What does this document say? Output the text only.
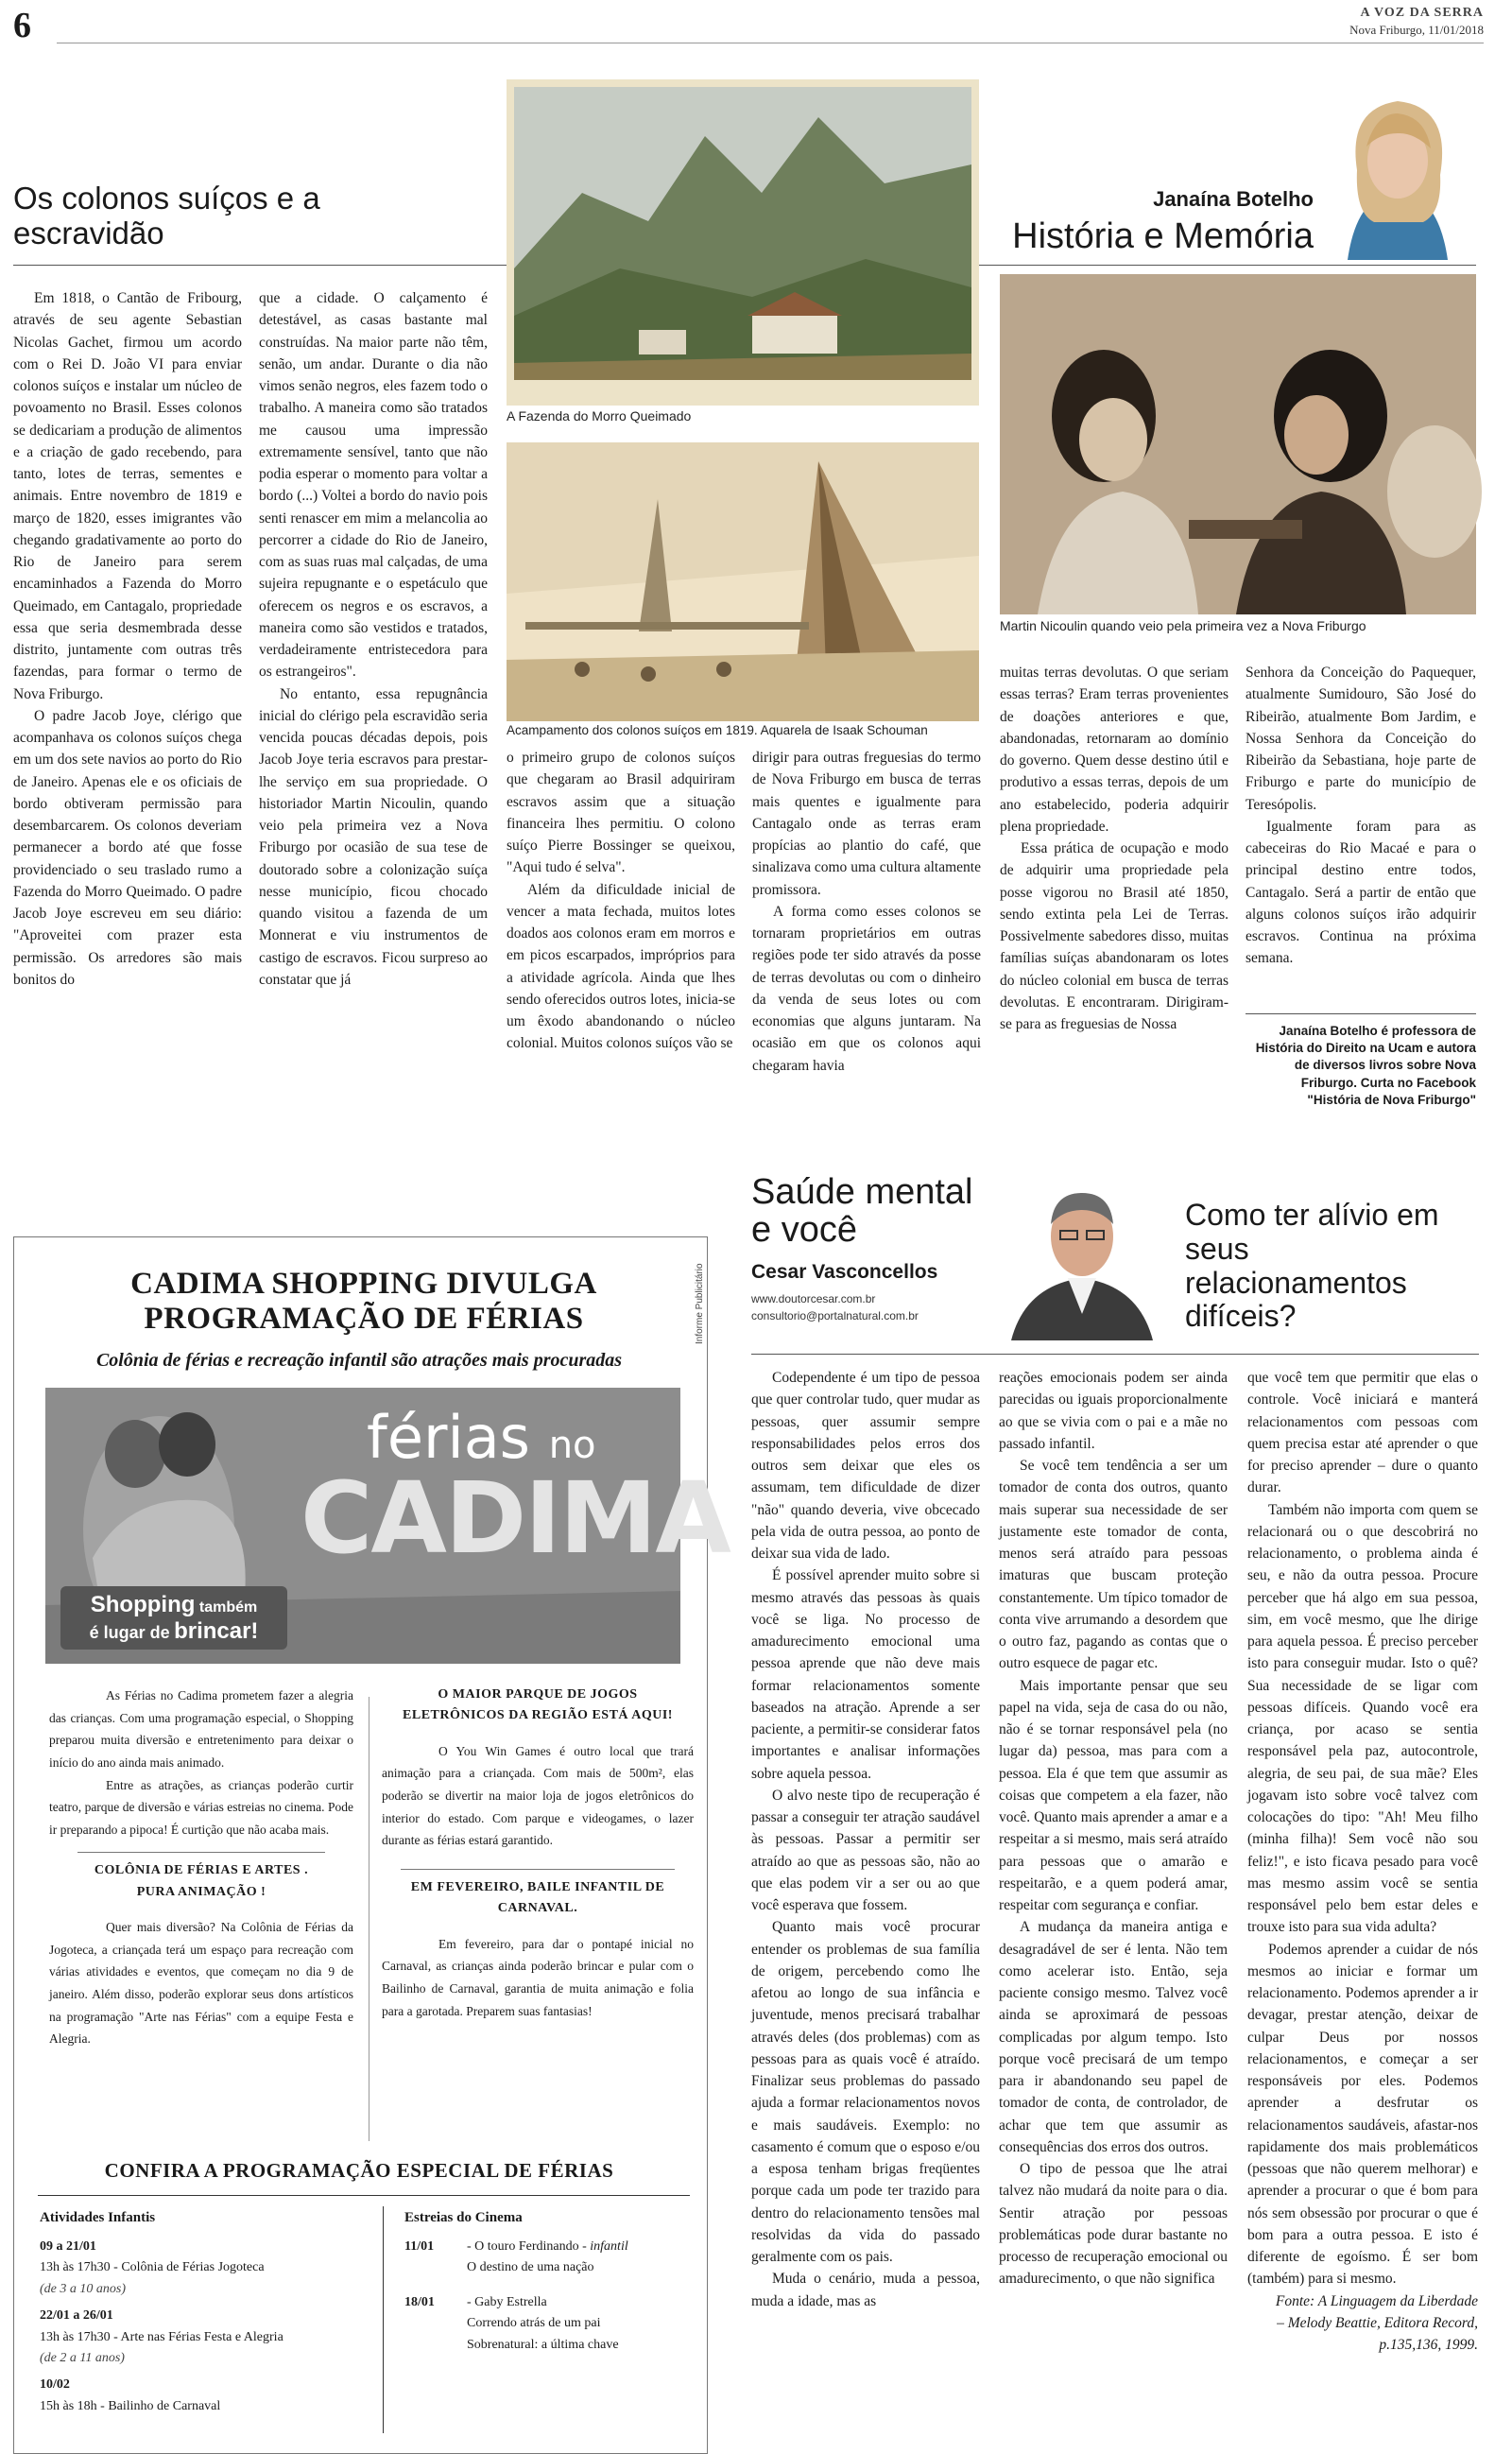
6	A VOZ DA SERRA
Nova Friburgo, 11/01/2018
Os colonos suíços e a escravidão
Janaína Botelho
História e Memória
A Fazenda do Morro Queimado
Acampamento dos colonos suíços em 1819. Aquarela de Isaak Schouman
Martin Nicoulin quando veio pela primeira vez a Nova Friburgo

Em 1818, o Cantão de Fribourg, através de seu agente Sebastian Nicolas Gachet, firmou um acordo com o Rei D. João VI para enviar colonos suíços e instalar um núcleo de povoamento no Brasil. Esses colonos se dedicariam a produção de alimentos e a criação de gado recebendo, para tanto, lotes de terras, sementes e animais. Entre novembro de 1819 e março de 1820, esses imigrantes vão chegando gradativamente ao porto do Rio de Janeiro para serem encaminhados a Fazenda do Morro Queimado, em Cantagalo, propriedade essa que seria desmembrada desse distrito, juntamente com outras três fazendas, para formar o termo de Nova Friburgo.

O padre Jacob Joye, clérigo que acompanhava os colonos suíços chega em um dos sete navios ao porto do Rio de Janeiro. Apenas ele e os oficiais de bordo obtiveram permissão para desembarcarem. Os colonos deveriam permanecer a bordo até que fosse providenciado o seu traslado rumo a Fazenda do Morro Queimado. O padre Jacob Joye escreveu em seu diário: "Aproveitei com prazer esta permissão. Os arredores são mais bonitos do

que a cidade. O calçamento é detestável, as casas bastante mal construídas. Na maior parte não têm, senão, um andar. Durante o dia não vimos senão negros, eles fazem todo o trabalho. A maneira como são tratados me causou uma impressão extremamente sensível, tanto que não podia esperar o momento para voltar a bordo (...) Voltei a bordo do navio pois senti renascer em mim a melancolia ao percorrer a cidade do Rio de Janeiro, com as suas ruas mal calçadas, de uma sujeira repugnante e o espetáculo que oferecem os negros e os escravos, a maneira como são vestidos e tratados, verdadeiramente entristecedora para os estrangeiros".

No entanto, essa repugnância inicial do clérigo pela escravidão seria vencida poucas décadas depois, pois Jacob Joye teria escravos para prestar-lhe serviço em sua propriedade. O historiador Martin Nicoulin, quando veio pela primeira vez a Nova Friburgo por ocasião de sua tese de doutorado sobre a colonização suíça nesse município, ficou chocado quando visitou a fazenda de um Monnerat e viu instrumentos de castigo de escravos. Ficou surpreso ao constatar que já

o primeiro grupo de colonos suíços que chegaram ao Brasil adquiriram escravos assim que a situação financeira lhes permitiu. O colono suíço Pierre Bossinger se queixou, "Aqui tudo é selva".

Além da dificuldade inicial de vencer a mata fechada, muitos lotes doados aos colonos eram em morros e em picos escarpados, impróprios para a atividade agrícola. Ainda que lhes sendo oferecidos outros lotes, inicia-se um êxodo abandonando o núcleo colonial. Muitos colonos suíços vão se

dirigir para outras freguesias do termo de Nova Friburgo em busca de terras mais quentes e igualmente para Cantagalo onde as terras eram propícias ao plantio do café, que sinalizava como uma cultura altamente promissora.

A forma como esses colonos se tornaram proprietários em outras regiões pode ter sido através da posse de terras devolutas ou com o dinheiro da venda de seus lotes ou com economias que alguns juntaram. Na ocasião em que os colonos aqui chegaram havia

muitas terras devolutas. O que seriam essas terras? Eram terras provenientes de doações anteriores e que, abandonadas, retornaram ao domínio do governo. Quem desse destino útil e produtivo a essas terras, depois de um ano estabelecido, poderia adquirir plena propriedade.

Essa prática de ocupação e modo de adquirir uma propriedade pela posse vigorou no Brasil até 1850, sendo extinta pela Lei de Terras. Possivelmente sabedores disso, muitas famílias suíças abandonaram os lotes do núcleo colonial em busca de terras devolutas. E encontraram. Dirigiram-se para as freguesias de Nossa

Senhora da Conceição do Paquequer, atualmente Sumidouro, São José do Ribeirão, atualmente Bom Jardim, e Nossa Senhora da Conceição do Ribeirão da Sebastiana, hoje parte de Friburgo e parte do município de Teresópolis.

Igualmente foram para as cabeceiras do Rio Macaé e para o principal destino entre todos, Cantagalo. Será a partir de então que alguns colonos suíços irão adquirir escravos. Continua na próxima semana.

Janaína Botelho é professora de História do Direito na Ucam e autora de diversos livros sobre Nova Friburgo. Curta no Facebook "História de Nova Friburgo"
Informe Publicitário
CADIMA SHOPPING DIVULGA
PROGRAMAÇÃO DE FÉRIAS
Colônia de férias e recreação infantil são atrações mais procuradas
férias no
CADIMA
Shopping também
é lugar de brincar!

As Férias no Cadima prometem fazer a alegria das crianças. Com uma programação especial, o Shopping preparou muita diversão e entretenimento para deixar o início do ano ainda mais animado.

Entre as atrações, as crianças poderão curtir teatro, parque de diversão e várias estreias no cinema. Pode ir preparando a pipoca! É curtição que não acaba mais.

COLÔNIA DE FÉRIAS E ARTES . PURA ANIMAÇÃO !

Quer mais diversão? Na Colônia de Férias da Jogoteca, a criançada terá um espaço para recreação com várias atividades e eventos, que começam no dia 9 de janeiro. Além disso, poderão explorar seus dons artísticos na programação "Arte nas Férias" com a equipe Festa e Alegria.

O MAIOR PARQUE DE JOGOS ELETRÔNICOS DA REGIÃO ESTÁ AQUI!

O You Win Games é outro local que trará animação para a criançada. Com mais de 500m², elas poderão se divertir na maior loja de jogos eletrônicos do interior do estado. Com parque e videogames, o lazer durante as férias estará garantido.

EM FEVEREIRO, BAILE INFANTIL DE CARNAVAL.

Em fevereiro, para dar o pontapé inicial no Carnaval, as crianças ainda poderão brincar e pular com o Bailinho de Carnaval, garantia de muita animação e folia para a garotada. Preparem suas fantasias!

CONFIRA A PROGRAMAÇÃO ESPECIAL DE FÉRIAS
Atividades Infantis
09 a 21/01
13h às 17h30 - Colônia de Férias Jogoteca
(de 3 a 10 anos)
22/01 a 26/01
13h às 17h30 - Arte nas Férias Festa e Alegria
(de 2 a 11 anos)
10/02
15h às 18h - Bailinho de Carnaval
Estreias do Cinema
11/01	- O touro Ferdinando - infantil
O destino de uma nação
18/01	- Gaby Estrella
Correndo atrás de um pai
Sobrenatural: a última chave
Saúde mental
e você
Cesar Vasconcellos
www.doutorcesar.com.br
consultorio@portalnatural.com.br
Como ter alívio em seus relacionamentos difíceis?

Codependente é um tipo de pessoa que quer controlar tudo, quer mudar as pessoas, quer assumir sempre responsabilidades pelos erros dos outros sem deixar que eles os assumam, tem dificuldade de dizer "não" quando deveria, vive obcecado pela vida de outra pessoa, ao ponto de deixar sua vida de lado.

É possível aprender muito sobre si mesmo através das pessoas às quais você se liga. No processo de amadurecimento emocional uma pessoa aprende que não deve mais formar relacionamentos somente baseados na atração. Aprende a ser paciente, a permitir-se considerar fatos importantes e analisar informações sobre aquela pessoa.

O alvo neste tipo de recuperação é passar a conseguir ter atração saudável às pessoas. Passar a permitir ser atraído ao que as pessoas são, não ao que elas podem vir a ser ou ao que você esperava que fossem.

Quanto mais você procurar entender os problemas de sua família de origem, percebendo como lhe afetou ao longo de sua infância e juventude, menos precisará trabalhar através deles (dos problemas) com as pessoas para as quais você é atraído. Finalizar seus problemas do passado ajuda a formar relacionamentos novos e mais saudáveis. Exemplo: no casamento é comum que o esposo e/ou a esposa tenham brigas freqüentes porque cada um pode ter trazido para dentro do relacionamento tensões mal resolvidas da vida do passado geralmente com os pais.

Muda o cenário, muda a pessoa, muda a idade, mas as

reações emocionais podem ser ainda parecidas ou iguais proporcionalmente ao que se vivia com o pai e a mãe no passado infantil.

Se você tem tendência a ser um tomador de conta dos outros, quanto mais superar sua necessidade de ser justamente este tomador de conta, menos será atraído para pessoas imaturas que buscam proteção constantemente. Um típico tomador de conta vive arrumando a desordem que o outro faz, pagando as contas que o outro esquece de pagar etc.

Mais importante pensar que seu papel na vida, seja de casa do ou não, não é se tornar responsável pela (no lugar da) pessoa, mas para com a pessoa. Ela é que tem que assumir as coisas que competem a ela fazer, não você. Quanto mais aprender a amar e a respeitar a si mesmo, mais será atraído para pessoas que o amarão e respeitarão, e a quem poderá amar, respeitar com segurança e confiar.

A mudança da maneira antiga e desagradável de ser é lenta. Não tem como acelerar isto. Então, seja paciente consigo mesmo. Talvez você ainda se aproximará de pessoas complicadas por algum tempo. Isto porque você precisará de um tempo para ir abandonando seu papel de tomador de conta, de controlador, de achar que tem que assumir as consequências dos erros dos outros.

O tipo de pessoa que lhe atrai talvez não mudará da noite para o dia. Sentir atração por pessoas problemáticas pode durar bastante no processo de recuperação emocional ou amadurecimento, o que não significa

que você tem que permitir que elas o controle. Você iniciará e manterá relacionamentos com pessoas com quem precisa estar até aprender o que for preciso aprender – dure o quanto durar.

Também não importa com quem se relacionará ou o que descobrirá no relacionamento, o problema ainda é seu, e não da outra pessoa. Procure perceber que há algo em sua pessoa, sim, em você mesmo, que lhe dirige para aquela pessoa. É preciso perceber isto para conseguir mudar. Isto o quê? Sua necessidade de se ligar com pessoas difíceis. Quando você era criança, por acaso se sentia responsável pela paz, autocontrole, alegria, de seu pai, de sua mãe? Eles jogavam isto sobre você talvez com colocações do tipo: "Ah! Meu filho (minha filha)! Sem você não sou feliz!", e isto ficava pesado para você mas mesmo assim você se sentia responsável pelo bem estar deles e trouxe isto para sua vida adulta?

Podemos aprender a cuidar de nós mesmos ao iniciar e formar um relacionamento. Podemos aprender a ir devagar, prestar atenção, deixar de culpar Deus por nossos relacionamentos, e começar a ser responsáveis por eles. Podemos aprender a desfrutar os relacionamentos saudáveis, afastar-nos rapidamente dos mais problemáticos (pessoas que não querem melhorar) e aprender a procurar o que é bom para nós sem obsessão por procurar o que é bom para a outra pessoa. E isto é diferente de egoísmo. É ser bom (também) para si mesmo.

Fonte: A Linguagem da Liberdade – Melody Beattie, Editora Record, p.135,136, 1999.
